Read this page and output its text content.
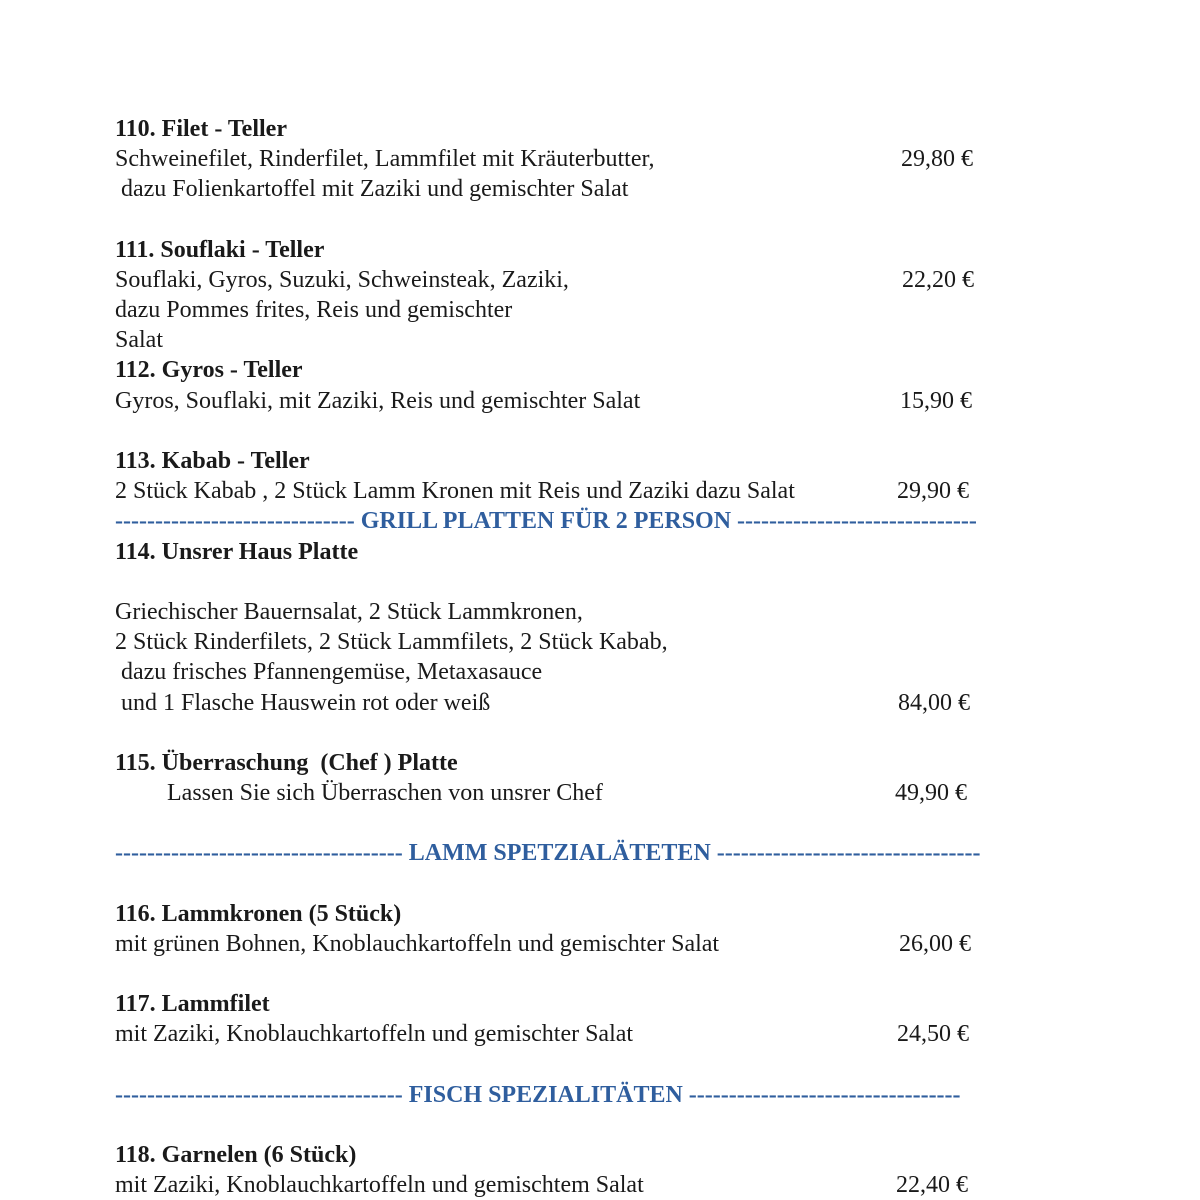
110. Filet - Teller
Schweinefilet, Rinderfilet, Lammfilet mit Kräuterbutter,	29,80 €
dazu Folienkartoffel mit Zaziki und gemischter Salat
111. Souflaki - Teller
Souflaki, Gyros, Suzuki, Schweinsteak, Zaziki,	22,20 €
dazu Pommes frites, Reis und gemischter
Salat
112. Gyros - Teller
Gyros, Souflaki, mit Zaziki, Reis und gemischter Salat	15,90 €
113. Kabab - Teller
2 Stück Kabab , 2 Stück Lamm Kronen mit Reis und Zaziki dazu Salat	29,90 €
------------------------------ GRILL PLATTEN FÜR 2 PERSON ------------------------------
114. Unsrer Haus Platte
Griechischer Bauernsalat, 2 Stück Lammkronen,
2 Stück Rinderfilets, 2 Stück Lammfilets, 2 Stück Kabab,
dazu frisches Pfannengemüse, Metaxasauce
und 1 Flasche Hauswein rot oder weiß	84,00 €
115. Überraschung  (Chef ) Platte
Lassen Sie sich Überraschen von unsrer Chef	49,90 €
------------------------------------ LAMM SPETZIALÄTETEN ---------------------------------
116. Lammkronen (5 Stück)
mit grünen Bohnen, Knoblauchkartoffeln und gemischter Salat	26,00 €
117. Lammfilet
mit Zaziki, Knoblauchkartoffeln und gemischter Salat	24,50 €
------------------------------------ FISCH SPEZIALITÄTEN ----------------------------------
118. Garnelen (6 Stück)
mit Zaziki, Knoblauchkartoffeln und gemischtem Salat	22,40 €
